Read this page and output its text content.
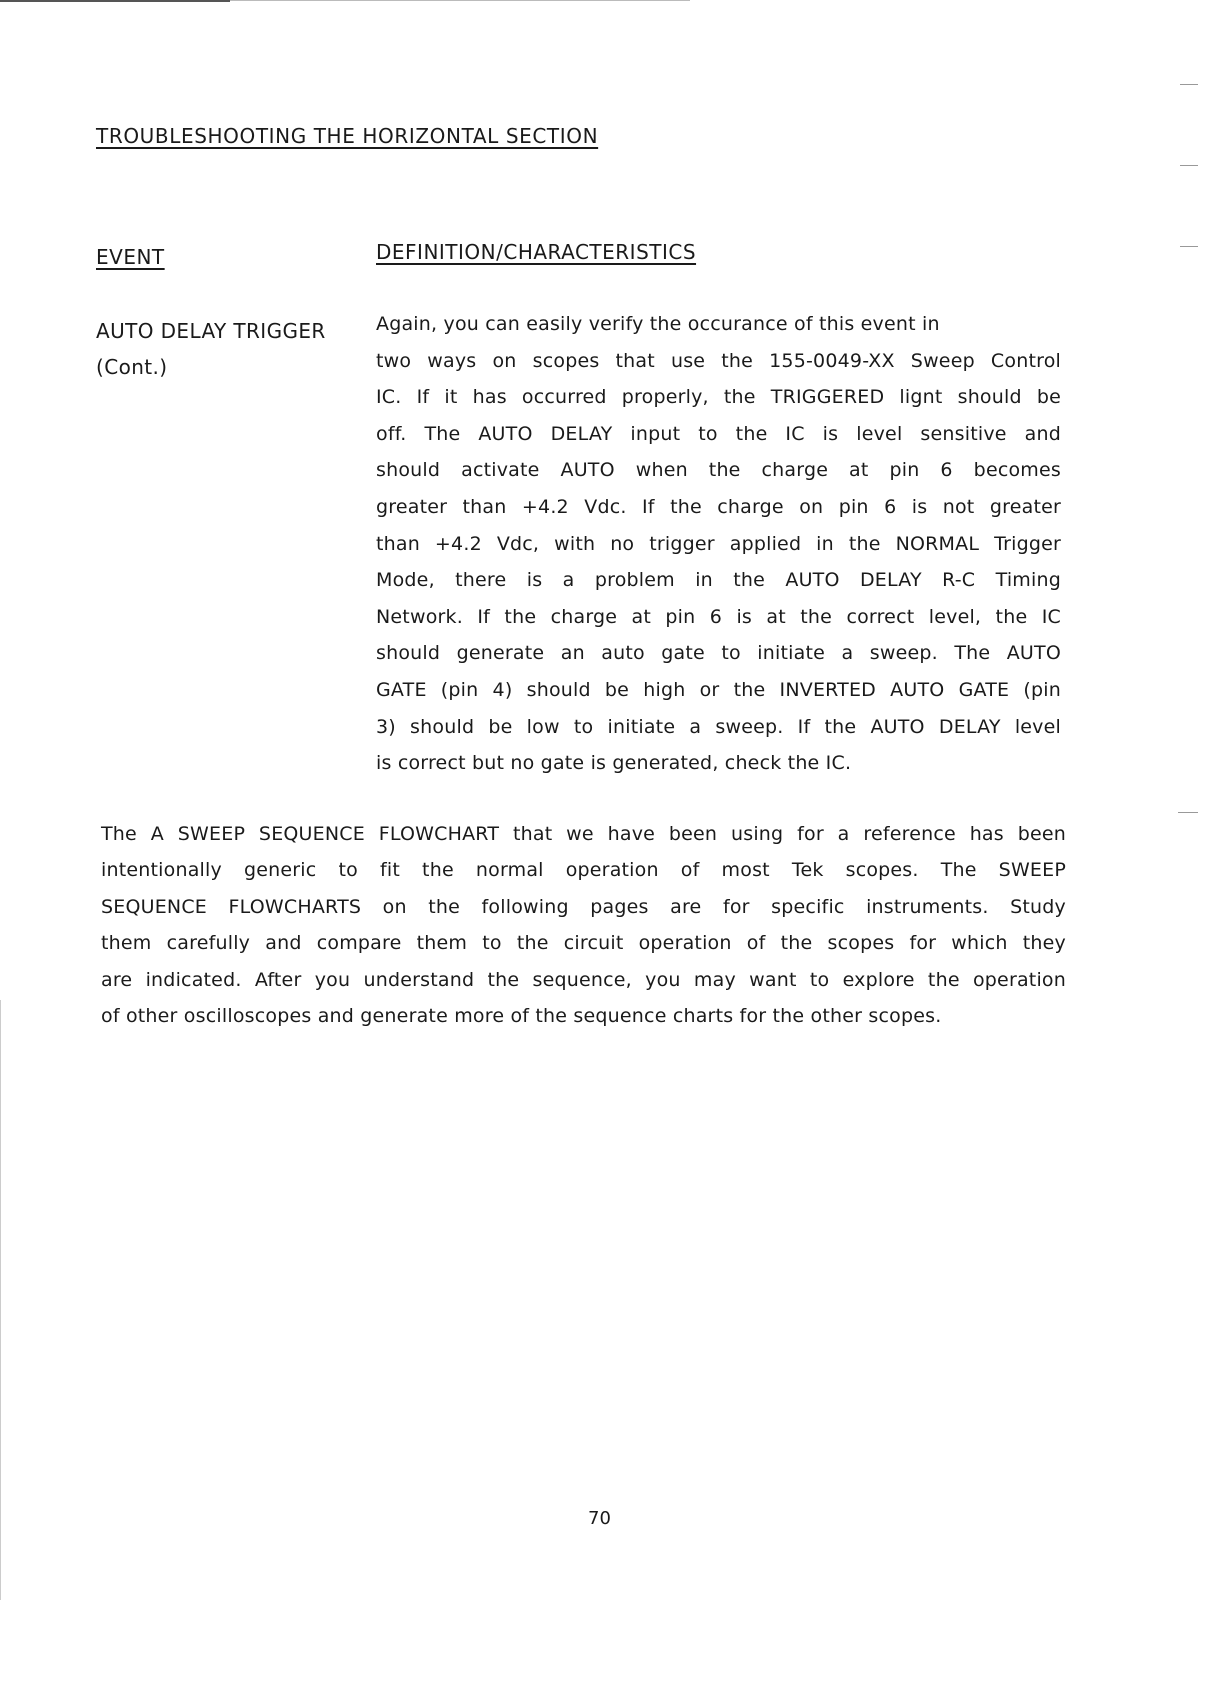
TROUBLESHOOTING THE HORIZONTAL SECTION
EVENT	DEFINITION/CHARACTERISTICS
AUTO DELAY TRIGGER
(Cont.)
Again, you can easily verify the occurance of this event in
two ways on scopes that use the 155-0049-XX Sweep Control
IC. If it has occurred properly, the TRIGGERED lignt should be
off. The AUTO DELAY input to the IC is level sensitive and
should activate AUTO when the charge at pin 6 becomes
greater than +4.2 Vdc. If the charge on pin 6 is not greater
than +4.2 Vdc, with no trigger applied in the NORMAL Trigger
Mode, there is a problem in the AUTO DELAY R-C Timing
Network. If the charge at pin 6 is at the correct level, the IC
should generate an auto gate to initiate a sweep. The AUTO
GATE (pin 4) should be high or the INVERTED AUTO GATE (pin
3) should be low to initiate a sweep. If the AUTO DELAY level
is correct but no gate is generated, check the IC.
The A SWEEP SEQUENCE FLOWCHART that we have been using for a reference has been
intentionally generic to fit the normal operation of most Tek scopes. The SWEEP
SEQUENCE FLOWCHARTS on the following pages are for specific instruments. Study
them carefully and compare them to the circuit operation of the scopes for which they
are indicated. After you understand the sequence, you may want to explore the operation
of other oscilloscopes and generate more of the sequence charts for the other scopes.
70
